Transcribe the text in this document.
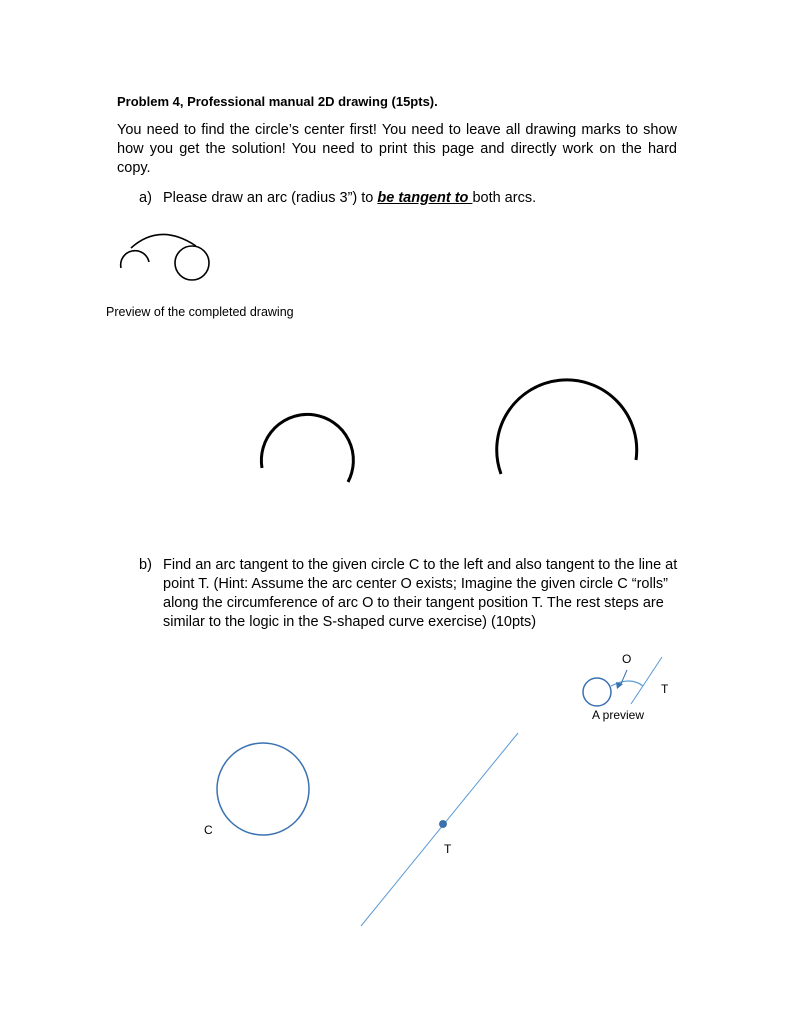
Problem 4, Professional manual 2D drawing (15pts).
You need to find the circle’s center first! You need to leave all drawing marks to show how you get the solution! You need to print this page and directly work on the hard copy.
a) Please draw an arc (radius 3”) to be tangent to both arcs.
Preview of the completed drawing
b) Find an arc tangent to the given circle C to the left and also tangent to the line at point T. (Hint: Assume the arc center O exists; Imagine the given circle C “rolls” along the circumference of arc O to their tangent position T. The rest steps are similar to the logic in the S-shaped curve exercise) (10pts)
O
T
A preview
C
T
